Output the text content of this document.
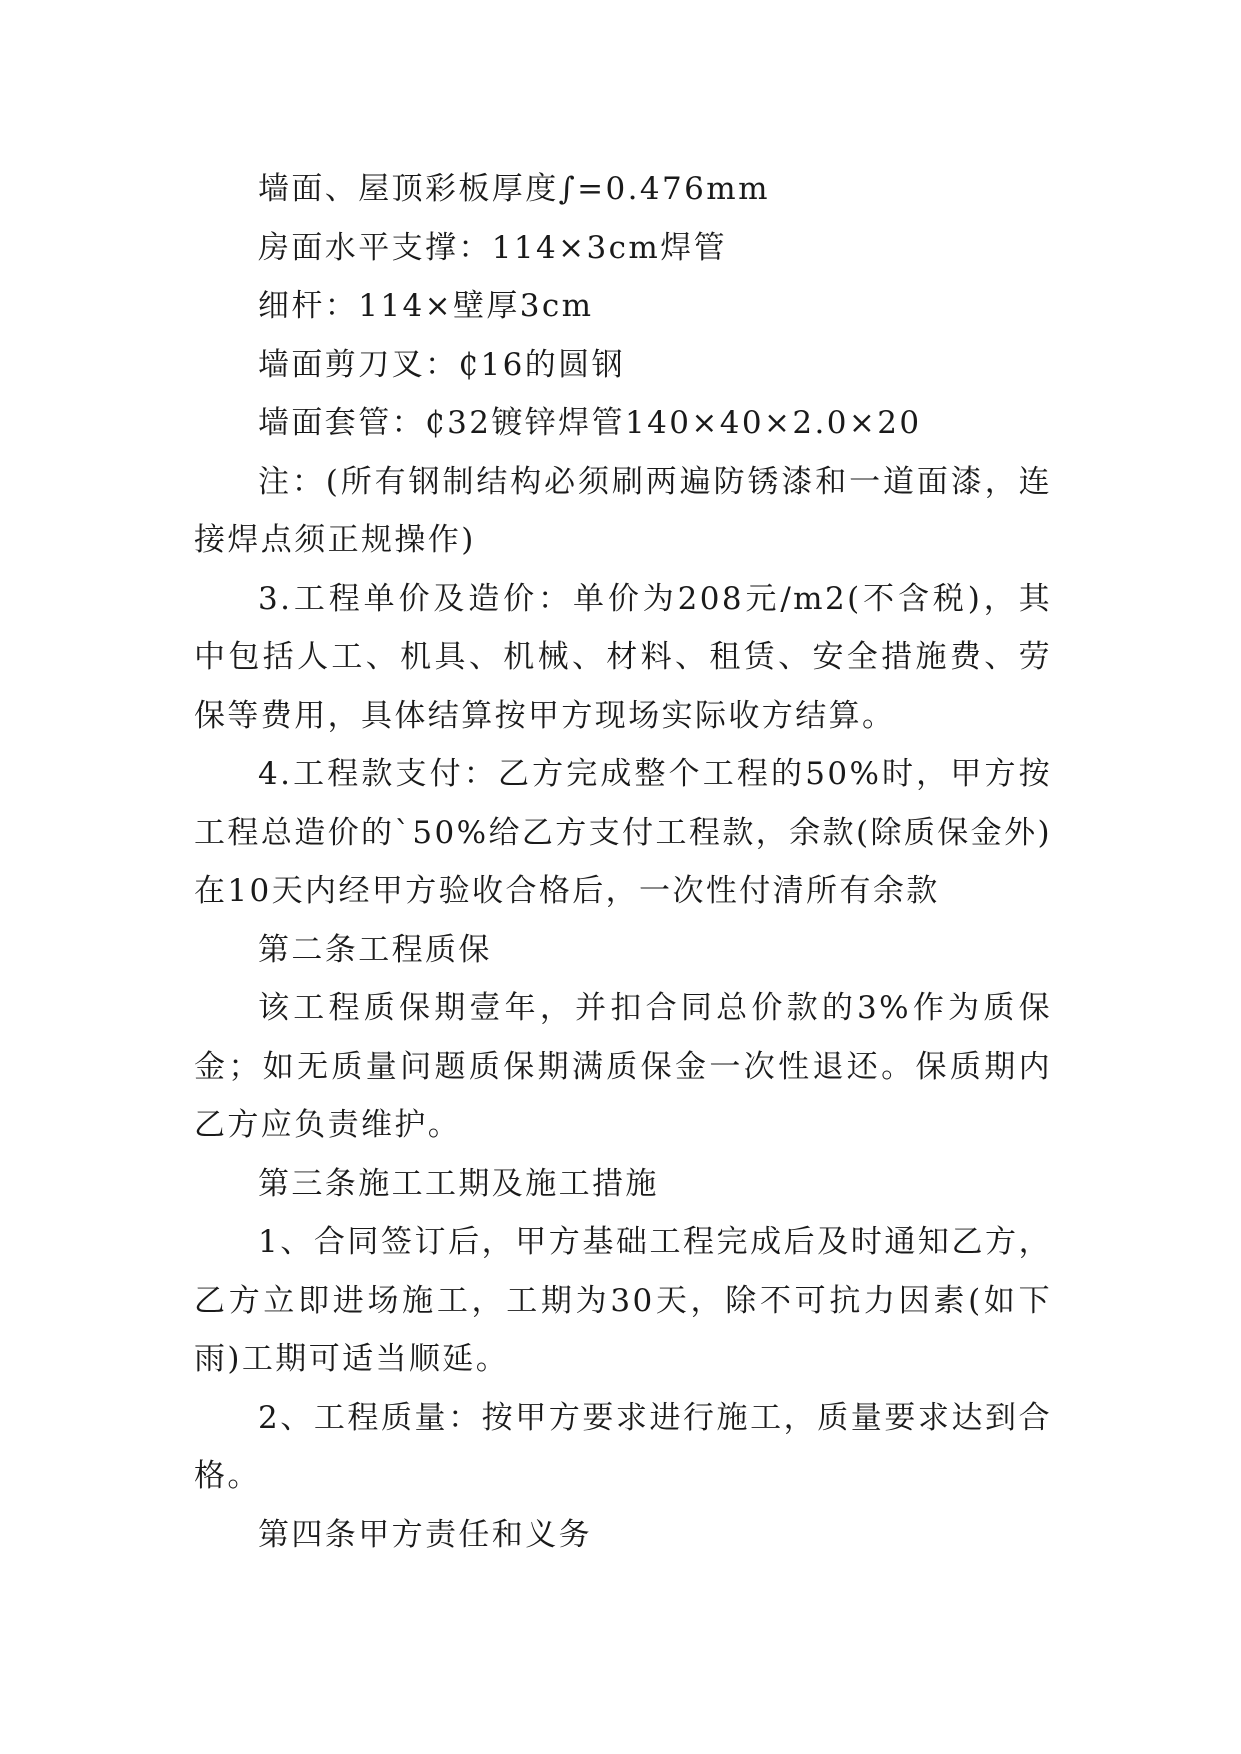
墙面、屋顶彩板厚度∫=0.476mm

房面水平支撑：114×3cm焊管

细杆：114×壁厚3cm

墙面剪刀叉：₵16的圆钢

墙面套管：₵32镀锌焊管140×40×2.0×20

注：(所有钢制结构必须刷两遍防锈漆和一道面漆，连接焊点须正规操作)

3.工程单价及造价：单价为208元/m2(不含税)，其中包括人工、机具、机械、材料、租赁、安全措施费、劳保等费用，具体结算按甲方现场实际收方结算。

4.工程款支付：乙方完成整个工程的50%时，甲方按工程总造价的`50%给乙方支付工程款，余款(除质保金外)在10天内经甲方验收合格后，一次性付清所有余款

第二条工程质保

该工程质保期壹年，并扣合同总价款的3%作为质保金；如无质量问题质保期满质保金一次性退还。保质期内乙方应负责维护。

第三条施工工期及施工措施

1、合同签订后，甲方基础工程完成后及时通知乙方，乙方立即进场施工，工期为30天，除不可抗力因素(如下雨)工期可适当顺延。

2、工程质量：按甲方要求进行施工，质量要求达到合格。

第四条甲方责任和义务
